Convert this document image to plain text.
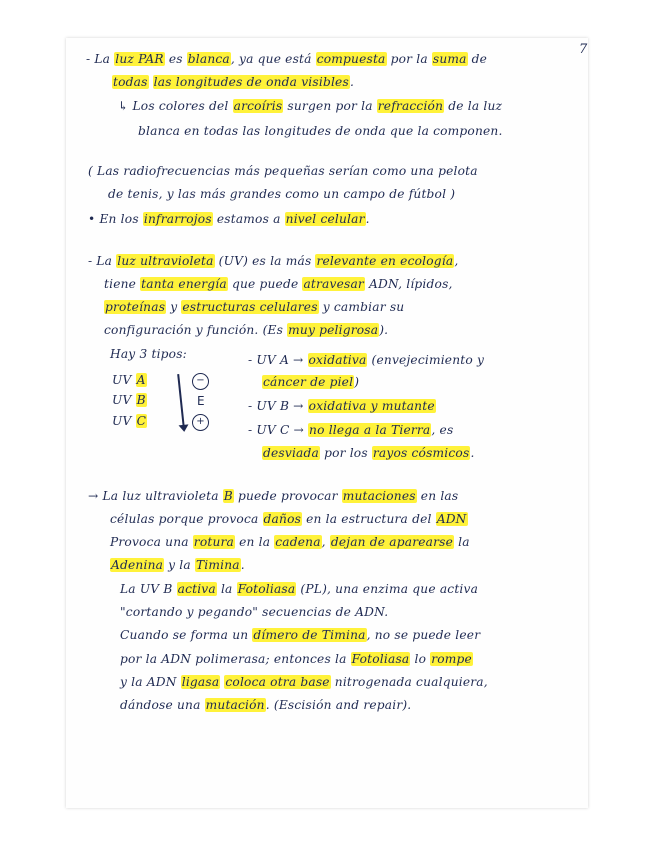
7
- La luz PAR es blanca, ya que está compuesta por la suma de
todas las longitudes de onda visibles.
↳ Los colores del arcoíris surgen por la refracción de la luz
blanca en todas las longitudes de onda que la componen.
( Las radiofrecuencias más pequeñas serían como una pelota
de tenis, y las más grandes como un campo de fútbol )
• En los infrarrojos estamos a nivel celular.
- La luz ultravioleta (UV) es la más relevante en ecología,
tiene tanta energía que puede atravesar ADN, lípidos,
proteínas y estructuras celulares y cambiar su
configuración y función. (Es muy peligrosa).
Hay 3 tipos:	- UV A → oxidativa (envejecimiento y
cáncer de piel)
- UV B → oxidativa y mutante
- UV C → no llega a la Tierra, es
desviada por los rayos cósmicos.
→ La luz ultravioleta B puede provocar mutaciones en las
células porque provoca daños en la estructura del ADN
Provoca una rotura en la cadena, dejan de aparearse la
Adenina y la Timina.
La UV B activa la Fotoliasa (PL), una enzima que activa
"cortando y pegando" secuencias de ADN.
Cuando se forma un dímero de Timina, no se puede leer
por la ADN polimerasa; entonces la Fotoliasa lo rompe
y la ADN ligasa coloca otra base nitrogenada cualquiera,
dándose una mutación. (Escisión and repair).
UV A	−
UV B	E
UV C	+
